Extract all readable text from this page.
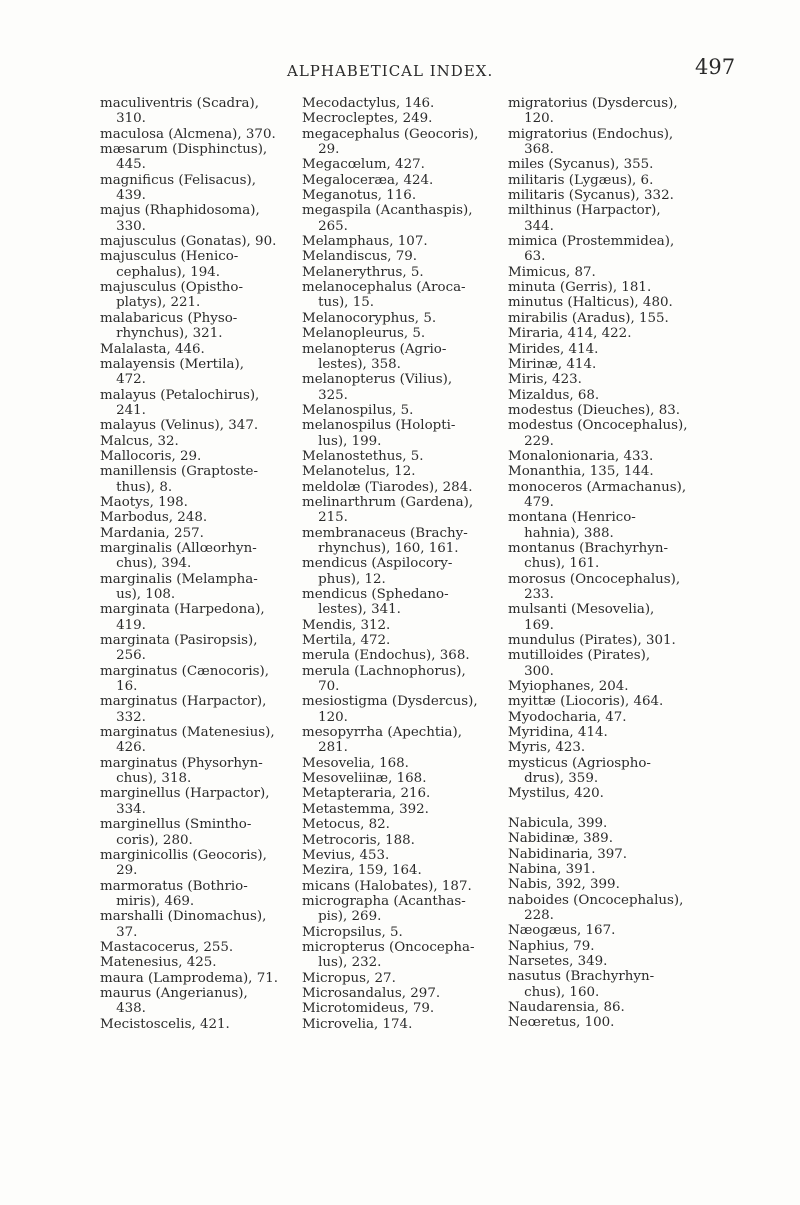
ALPHABETICAL INDEX.	497
maculiventris (Scadra),
310.
maculosa (Alcmena), 370.
mæsarum (Disphinctus),
445.
magnificus (Felisacus),
439.
majus (Rhaphidosoma),
330.
majusculus (Gonatas), 90.
majusculus (Henico-
cephalus), 194.
majusculus (Opistho-
platys), 221.
malabaricus (Physo-
rhynchus), 321.
Malalasta, 446.
malayensis (Mertila),
472.
malayus (Petalochirus),
241.
malayus (Velinus), 347.
Malcus, 32.
Mallocoris, 29.
manillensis (Graptoste-
thus), 8.
Maotys, 198.
Marbodus, 248.
Mardania, 257.
marginalis (Allœorhyn-
chus), 394.
marginalis (Melampha-
us), 108.
marginata (Harpedona),
419.
marginata (Pasiropsis),
256.
marginatus (Cænocoris),
16.
marginatus (Harpactor),
332.
marginatus (Matenesius),
426.
marginatus (Physorhyn-
chus), 318.
marginellus (Harpactor),
334.
marginellus (Smintho-
coris), 280.
marginicollis (Geocoris),
29.
marmoratus (Bothrio-
miris), 469.
marshalli (Dinomachus),
37.
Mastacocerus, 255.
Matenesius, 425.
maura (Lamprodema), 71.
maurus (Angerianus),
438.
Mecistoscelis, 421.
Mecodactylus, 146.
Mecrocleptes, 249.
megacephalus (Geocoris),
29.
Megacœlum, 427.
Megaloceræa, 424.
Meganotus, 116.
megaspila (Acanthaspis),
265.
Melamphaus, 107.
Melandiscus, 79.
Melanerythrus, 5.
melanocephalus (Aroca-
tus), 15.
Melanocoryphus, 5.
Melanopleurus, 5.
melanopterus (Agrio-
lestes), 358.
melanopterus (Vilius),
325.
Melanospilus, 5.
melanospilus (Holopti-
lus), 199.
Melanostethus, 5.
Melanotelus, 12.
meldolæ (Tiarodes), 284.
melinarthrum (Gardena),
215.
membranaceus (Brachy-
rhynchus), 160, 161.
mendicus (Aspilocory-
phus), 12.
mendicus (Sphedano-
lestes), 341.
Mendis, 312.
Mertila, 472.
merula (Endochus), 368.
merula (Lachnophorus),
70.
mesiostigma (Dysdercus),
120.
mesopyrrha (Apechtia),
281.
Mesovelia, 168.
Mesoveliinæ, 168.
Metapteraria, 216.
Metastemma, 392.
Metocus, 82.
Metrocoris, 188.
Mevius, 453.
Mezira, 159, 164.
micans (Halobates), 187.
micrographa (Acanthas-
pis), 269.
Micropsilus, 5.
micropterus (Oncocepha-
lus), 232.
Micropus, 27.
Microsandalus, 297.
Microtomideus, 79.
Microvelia, 174.
migratorius (Dysdercus),
120.
migratorius (Endochus),
368.
miles (Sycanus), 355.
militaris (Lygæus), 6.
militaris (Sycanus), 332.
milthinus (Harpactor),
344.
mimica (Prostemmidea),
63.
Mimicus, 87.
minuta (Gerris), 181.
minutus (Halticus), 480.
mirabilis (Aradus), 155.
Miraria, 414, 422.
Mirides, 414.
Mirinæ, 414.
Miris, 423.
Mizaldus, 68.
modestus (Dieuches), 83.
modestus (Oncocephalus),
229.
Monalonionaria, 433.
Monanthia, 135, 144.
monoceros (Armachanus),
479.
montana (Henrico-
hahnia), 388.
montanus (Brachyrhyn-
chus), 161.
morosus (Oncocephalus),
233.
mulsanti (Mesovelia),
169.
mundulus (Pirates), 301.
mutilloides (Pirates),
300.
Myiophanes, 204.
myittæ (Liocoris), 464.
Myodocharia, 47.
Myridina, 414.
Myris, 423.
mysticus (Agriospho-
drus), 359.
Mystilus, 420.
Nabicula, 399.
Nabidinæ, 389.
Nabidinaria, 397.
Nabina, 391.
Nabis, 392, 399.
naboides (Oncocephalus),
228.
Næogæus, 167.
Naphius, 79.
Narsetes, 349.
nasutus (Brachyrhyn-
chus), 160.
Naudarensia, 86.
Neœretus, 100.
